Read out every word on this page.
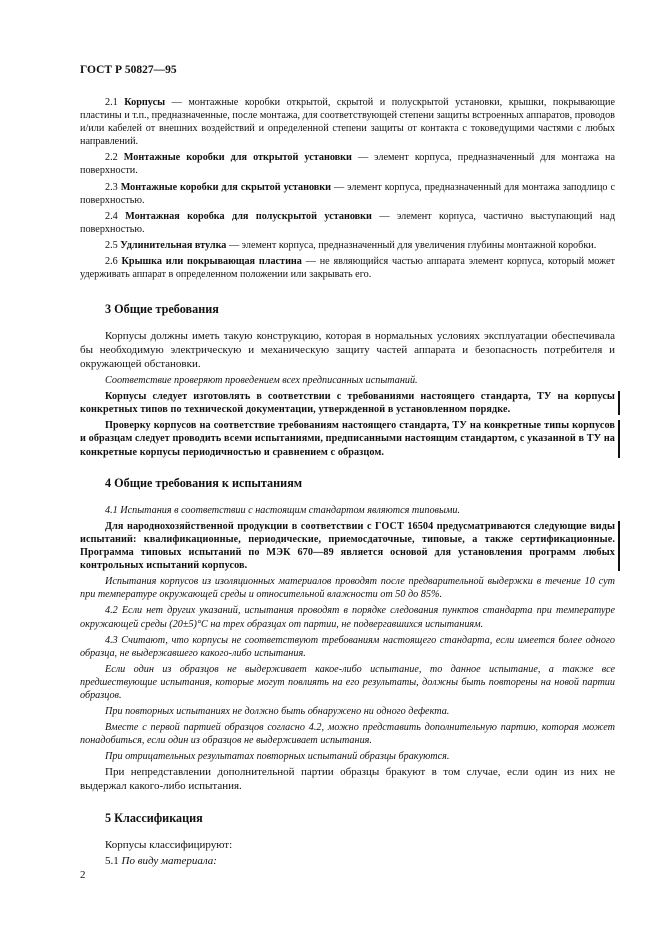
ГОСТ Р 50827—95
2.1 Корпусы — монтажные коробки открытой, скрытой и полускрытой установки, крышки, покрывающие пластины и т.п., предназначенные, после монтажа, для соответствующей степени защиты встроенных аппаратов, проводов и/или кабелей от внешних воздействий и определенной степени защиты от контакта с токоведущими частями с любых направлений.
2.2 Монтажные коробки для открытой установки — элемент корпуса, предназначенный для монтажа на поверхности.
2.3 Монтажные коробки для скрытой установки — элемент корпуса, предназначенный для монтажа заподлицо с поверхностью.
2.4 Монтажная коробка для полускрытой установки — элемент корпуса, частично выступающий над поверхностью.
2.5 Удлинительная втулка — элемент корпуса, предназначенный для увеличения глубины монтажной коробки.
2.6 Крышка или покрывающая пластина — не являющийся частью аппарата элемент корпуса, который может удерживать аппарат в определенном положении или закрывать его.
3 Общие требования
Корпусы должны иметь такую конструкцию, которая в нормальных условиях эксплуатации обеспечивала бы необходимую электрическую и механическую защиту частей аппарата и безопасность потребителя и окружающей обстановки.
Соответствие проверяют проведением всех предписанных испытаний.
Корпусы следует изготовлять в соответствии с требованиями настоящего стандарта, ТУ на корпусы конкретных типов по технической документации, утвержденной в установленном порядке.
Проверку корпусов на соответствие требованиям настоящего стандарта, ТУ на конкретные типы корпусов и образцам следует проводить всеми испытаниями, предписанными настоящим стандартом, с указанной в ТУ на конкретные корпусы периодичностью и сравнением с образцом.
4 Общие требования к испытаниям
4.1 Испытания в соответствии с настоящим стандартом являются типовыми.
Для народнохозяйственной продукции в соответствии с ГОСТ 16504 предусматриваются следующие виды испытаний: квалификационные, периодические, приемосдаточные, типовые, а также сертификационные. Программа типовых испытаний по МЭК 670—89 является основой для установления программ любых контрольных испытаний корпусов.
Испытания корпусов из изоляционных материалов проводят после предварительной выдержки в течение 10 сут при температуре окружающей среды и относительной влажности от 50 до 85%.
4.2 Если нет других указаний, испытания проводят в порядке следования пунктов стандарта при температуре окружающей среды (20±5)°С на трех образцах от партии, не подвергавшихся испытаниям.
4.3 Считают, что корпусы не соответствуют требованиям настоящего стандарта, если имеется более одного образца, не выдержавшего какого-либо испытания.
Если один из образцов не выдерживает какое-либо испытание, то данное испытание, а также все предшествующие испытания, которые могут повлиять на его результаты, должны быть повторены на новой партии образцов.
При повторных испытаниях не должно быть обнаружено ни одного дефекта.
Вместе с первой партией образцов согласно 4.2, можно представить дополнительную партию, которая может понадобиться, если один из образцов не выдерживает испытания.
При отрицательных результатах повторных испытаний образцы бракуются.
При непредставлении дополнительной партии образцы бракуют в том случае, если один из них не выдержал какого-либо испытания.
5 Классификация
Корпусы классифицируют:
5.1 По виду материала:
2
